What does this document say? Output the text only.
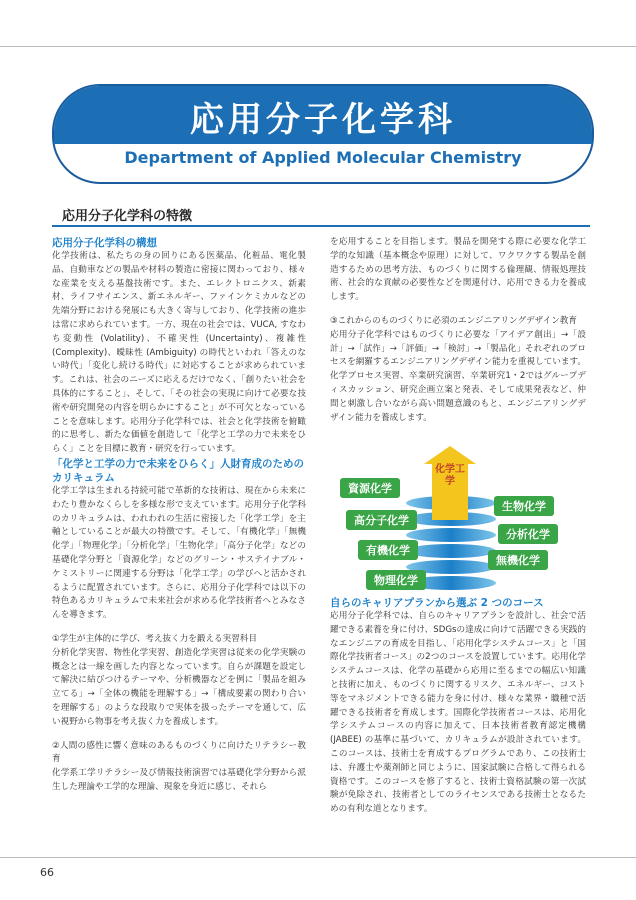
応用分子化学科
Department of Applied Molecular Chemistry
応用分子化学科の特徴
応用分子化学科の構想

化学技術は、私たちの身の回りにある医薬品、化粧品、電化製品、自動車などの製品や材料の製造に密接に関わっており、様々な産業を支える基盤技術です。また、エレクトロニクス、新素材、ライフサイエンス、新エネルギー、ファインケミカルなどの先端分野における発展にも大きく寄与しており、化学技術の進歩は常に求められています。一方、現在の社会では、VUCA, すなわち変動性 (Volatility)、不確実性 (Uncertainty)、複雑性 (Complexity)、曖昧性 (Ambiguity) の時代といわれ「答えのない時代」「変化し続ける時代」に対応することが求められています。これは、社会のニーズに応えるだけでなく、「創りたい社会を具体的にすること」、そして、「その社会の実現に向けて必要な技術や研究開発の内容を明らかにすること」が不可欠となっていることを意味します。応用分子化学科では、社会と化学技術を俯瞰的に思考し、新たな価値を創造して「化学と工学の力で未来をひらく」ことを目標に教育・研究を行っています。

「化学と工学の力で未来をひらく」人財育成のためのカリキュラム

化学工学は生まれる持続可能で革新的な技術は、現在から未来にわたり豊かなくらしを多様な形で支えています。応用分子化学科のカリキュラムは、われわれの生活に密接した「化学工学」を主軸としていることが最大の特徴です。そして、「有機化学」「無機化学」「物理化学」「分析化学」「生物化学」「高分子化学」などの基礎化学分野と「資源化学」などのグリーン・サステイナブル・ケミストリーに関連する分野は「化学工学」の学びへと活かされるように配置されています。さらに、応用分子化学科では以下の特色あるカリキュラムで未来社会が求める化学技術者へとみなさんを導きます。

①学生が主体的に学び、考え抜く力を鍛える実習科目

分析化学実習、物性化学実習、創造化学実習は従来の化学実験の概念とは一線を画した内容となっています。自らが課題を設定して解決に結びつけるテーマや、分析機器などを例に「製品を組み立てる」→「全体の機能を理解する」→「構成要素の関わり合いを理解する」のような段取りで実体を扱ったテーマを通して、広い視野から物事を考え抜く力を養成します。

②人間の感性に響く意味のあるものづくりに向けたリテラシー教育

化学系工学リテラシー及び情報技術演習では基礎化学分野から派生した理論や工学的な理論、現象を身近に感じ、それら

を応用することを目指します。製品を開発する際に必要な化学工学的な知識（基本概念や原理）に対して、ワクワクする製品を創造するための思考方法、ものづくりに関する倫理観、情報処理技術、社会的な貢献の必要性などを関連付け、応用できる力を養成します。

③これからのものづくりに必須のエンジニアリングデザイン教育

応用分子化学科ではものづくりに必要な「アイデア創出」→「設計」→「試作」→「評価」→「検討」→「製品化」それぞれのプロセスを網羅するエンジニアリングデザイン能力を重視しています。化学プロセス実習、卒業研究演習、卒業研究1・2ではグループディスカッション、研究企画立案と発表、そして成果発表など、仲間と刺激し合いながら高い問題意識のもと、エンジニアリングデザイン能力を養成します。

化学工学
資源化学
高分子化学
有機化学
物理化学
生物化学
分析化学
無機化学
自らのキャリアプランから選ぶ 2 つのコース

応用分子化学科では、自らのキャリアプランを設計し、社会で活躍できる素養を身に付け、SDGsの達成に向けて活躍できる実践的なエンジニアの育成を目指し、「応用化学システムコース」と「国際化学技術者コース」の2つのコースを設置しています。応用化学システムコースは、化学の基礎から応用に至るまでの幅広い知識と技術に加え、ものづくりに関するリスク、エネルギー、コスト等をマネジメントできる能力を身に付け、様々な業界・職種で活躍できる技術者を育成します。国際化学技術者コースは、応用化学システムコースの内容に加えて、日本技術者教育認定機構(JABEE) の基準に基づいて、カリキュラムが設計されています。このコースは、技術士を育成するプログラムであり、この技術士は、弁護士や薬剤師と同じように、国家試験に合格して得られる資格です。このコースを修了すると、技術士資格試験の第一次試験が免除され、技術者としてのライセンスである技術士となるための有利な道となります。

66
